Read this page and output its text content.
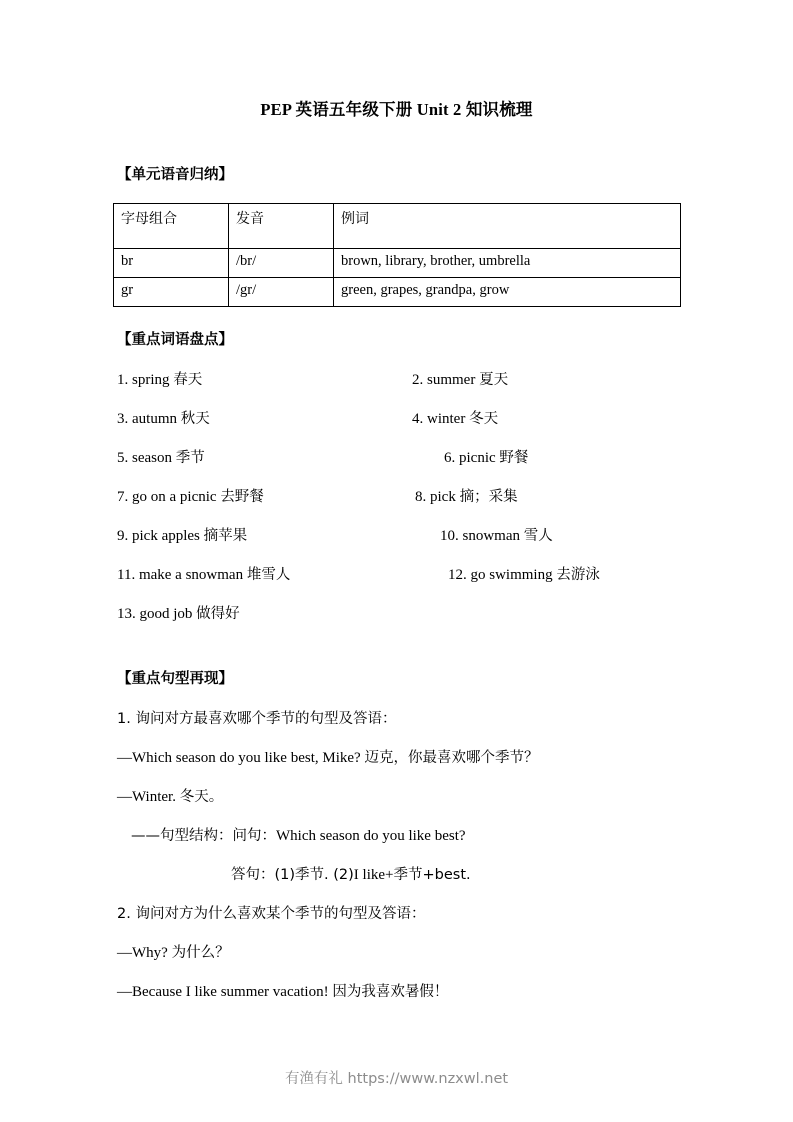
PEP 英语五年级下册 Unit 2 知识梳理
【单元语音归纳】
字母组合	发音	例词
br	/br/	brown, library, brother, umbrella
gr	/gr/	green, grapes, grandpa, grow
【重点词语盘点】
1. spring 春天	2. summer 夏天
3. autumn 秋天	4. winter 冬天
5. season 季节	6. picnic 野餐
7. go on a picnic 去野餐	8. pick 摘；采集
9. pick apples 摘苹果	10. snowman 雪人
11. make a snowman 堆雪人	12. go swimming 去游泳
13. good job 做得好
【重点句型再现】
1. 询问对方最喜欢哪个季节的句型及答语：
—Which season do you like best, Mike? 迈克，你最喜欢哪个季节？
—Winter. 冬天。
——句型结构：问句：Which season do you like best?
答句：(1)季节. (2)I like+季节+best.
2. 询问对方为什么喜欢某个季节的句型及答语：
—Why? 为什么？
—Because I like summer vacation! 因为我喜欢暑假！
有渔有礼 https://www.nzxwl.net
